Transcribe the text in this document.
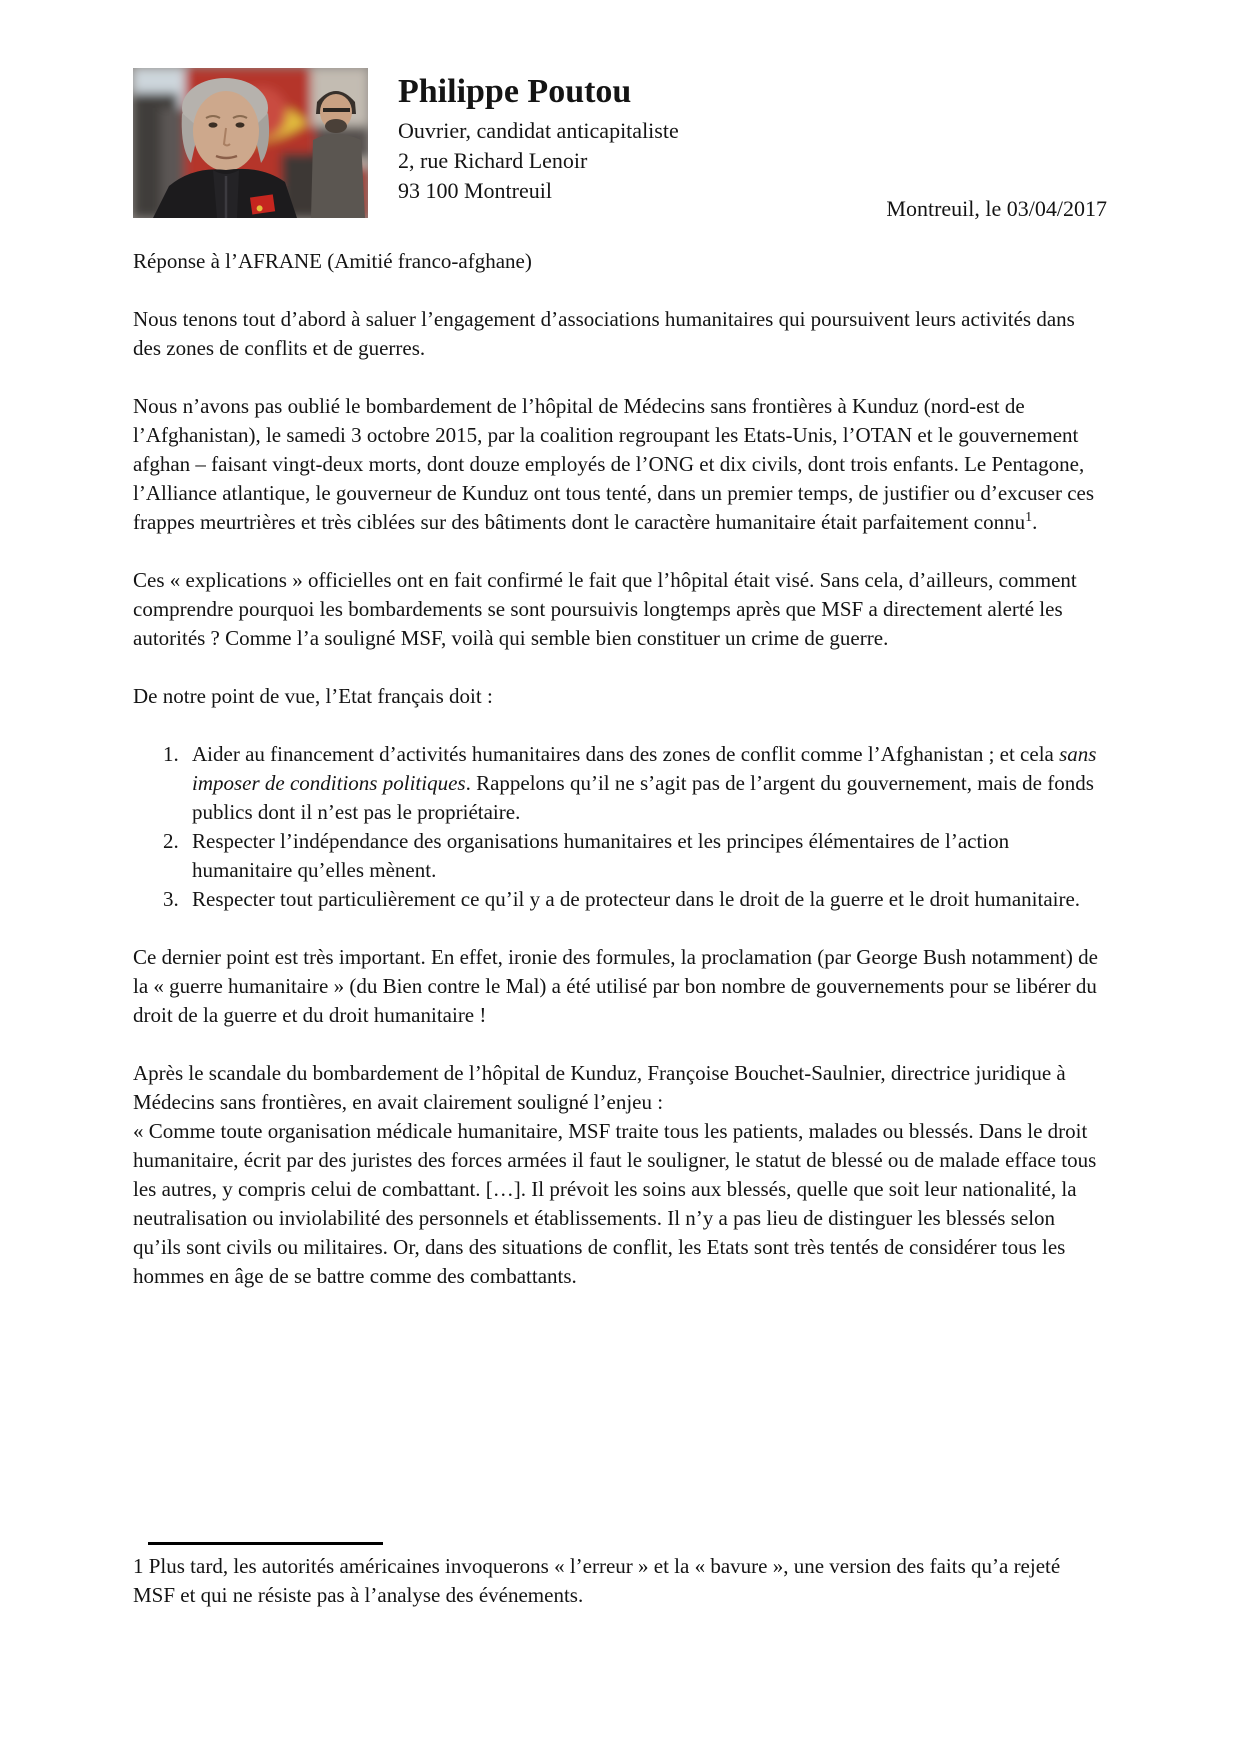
Philippe Poutou
Ouvrier, candidat anticapitaliste
2, rue Richard Lenoir
93 100 Montreuil
Montreuil, le 03/04/2017
Réponse à l’AFRANE (Amitié franco-afghane)

Nous tenons tout d’abord à saluer l’engagement d’associations humanitaires qui poursuivent leurs activités dans des zones de conflits et de guerres.

Nous n’avons pas oublié le bombardement de l’hôpital de Médecins sans frontières à Kunduz (nord-est de l’Afghanistan), le samedi 3 octobre 2015, par la coalition regroupant les Etats-Unis, l’OTAN et le gouvernement afghan – faisant vingt-deux morts, dont douze employés de l’ONG et dix civils, dont trois enfants. Le Pentagone, l’Alliance atlantique, le gouverneur de Kunduz ont tous tenté, dans un premier temps, de justifier ou d’excuser ces frappes meurtrières et très ciblées sur des bâtiments dont le caractère humanitaire était parfaitement connu$^1$.

Ces « explications » officielles ont en fait confirmé le fait que l’hôpital était visé. Sans cela, d’ailleurs, comment comprendre pourquoi les bombardements se sont poursuivis longtemps après que MSF a directement alerté les autorités ? Comme l’a souligné MSF, voilà qui semble bien constituer un crime de guerre.

De notre point de vue, l’Etat français doit :

1. Aider au financement d’activités humanitaires dans des zones de conflit comme l’Afghanistan ; et cela sans imposer de conditions politiques. Rappelons qu’il ne s’agit pas de l’argent du gouvernement, mais de fonds publics dont il n’est pas le propriétaire.
2. Respecter l’indépendance des organisations humanitaires et les principes élémentaires de l’action humanitaire qu’elles mènent.
3. Respecter tout particulièrement ce qu’il y a de protecteur dans le droit de la guerre et le droit humanitaire.

Ce dernier point est très important. En effet, ironie des formules, la proclamation (par George Bush notamment) de la « guerre humanitaire » (du Bien contre le Mal) a été utilisé par bon nombre de gouvernements pour se libérer du droit de la guerre et du droit humanitaire !

Après le scandale du bombardement de l’hôpital de Kunduz, Françoise Bouchet-Saulnier, directrice juridique à Médecins sans frontières, en avait clairement souligné l’enjeu :

« Comme toute organisation médicale humanitaire, MSF traite tous les patients, malades ou blessés. Dans le droit humanitaire, écrit par des juristes des forces armées il faut le souligner, le statut de blessé ou de malade efface tous les autres, y compris celui de combattant. […]. Il prévoit les soins aux blessés, quelle que soit leur nationalité, la neutralisation ou inviolabilité des personnels et établissements. Il n’y a pas lieu de distinguer les blessés selon qu’ils sont civils ou militaires. Or, dans des situations de conflit, les Etats sont très tentés de considérer tous les hommes en âge de se battre comme des combattants.

1 Plus tard, les autorités américaines invoquerons « l’erreur » et la « bavure », une version des faits qu’a rejeté MSF et qui ne résiste pas à l’analyse des événements.
